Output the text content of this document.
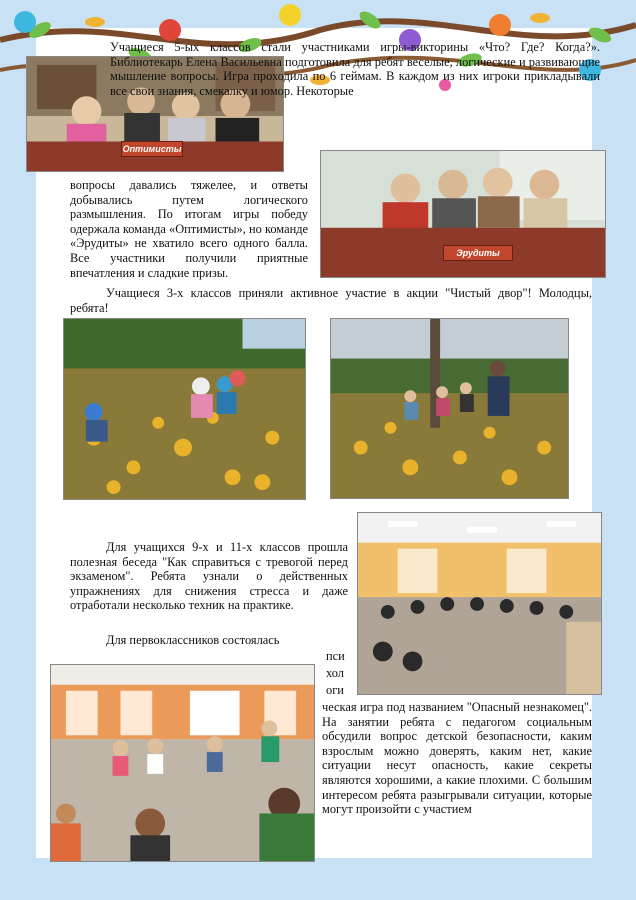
Оптимисты
Эрудиты
Учащиеся 5-ых классов стали участниками игры-викторины «Что? Где? Когда?». Библиотекарь Елена Васильевна подготовила для ребят веселые, логические и развивающие мышление вопросы. Игра проходила по 6 геймам. В каждом из них игроки прикладывали все свои знания, смекалку и юмор. Некоторые
вопросы давались тяжелее, и ответы добывались путем логического размышления. По итогам игры победу одержала команда «Оптимисты», но команде «Эрудиты» не хватило всего одного балла. Все участники получили приятные впечатления и сладкие призы.
Учащиеся 3-х классов приняли активное участие в акции "Чистый двор"! Молодцы, ребята!
Для учащихся 9-х и 11-х классов прошла полезная беседа "Как справиться с тревогой перед экзаменом". Ребята узнали о действенных упражнениях для снижения стресса и даже отработали несколько техник на практике.
Для первоклассников состоялась
пси
хол
оги
ческая игра под названием "Опасный незнакомец". На занятии ребята с педагогом социальным обсудили вопрос детской безопасности, каким взрослым можно доверять, каким нет, какие ситуации несут опасность, какие секреты являются хорошими, а какие плохими. С большим интересом ребята разыгрывали ситуации, которые могут произойти с участием
